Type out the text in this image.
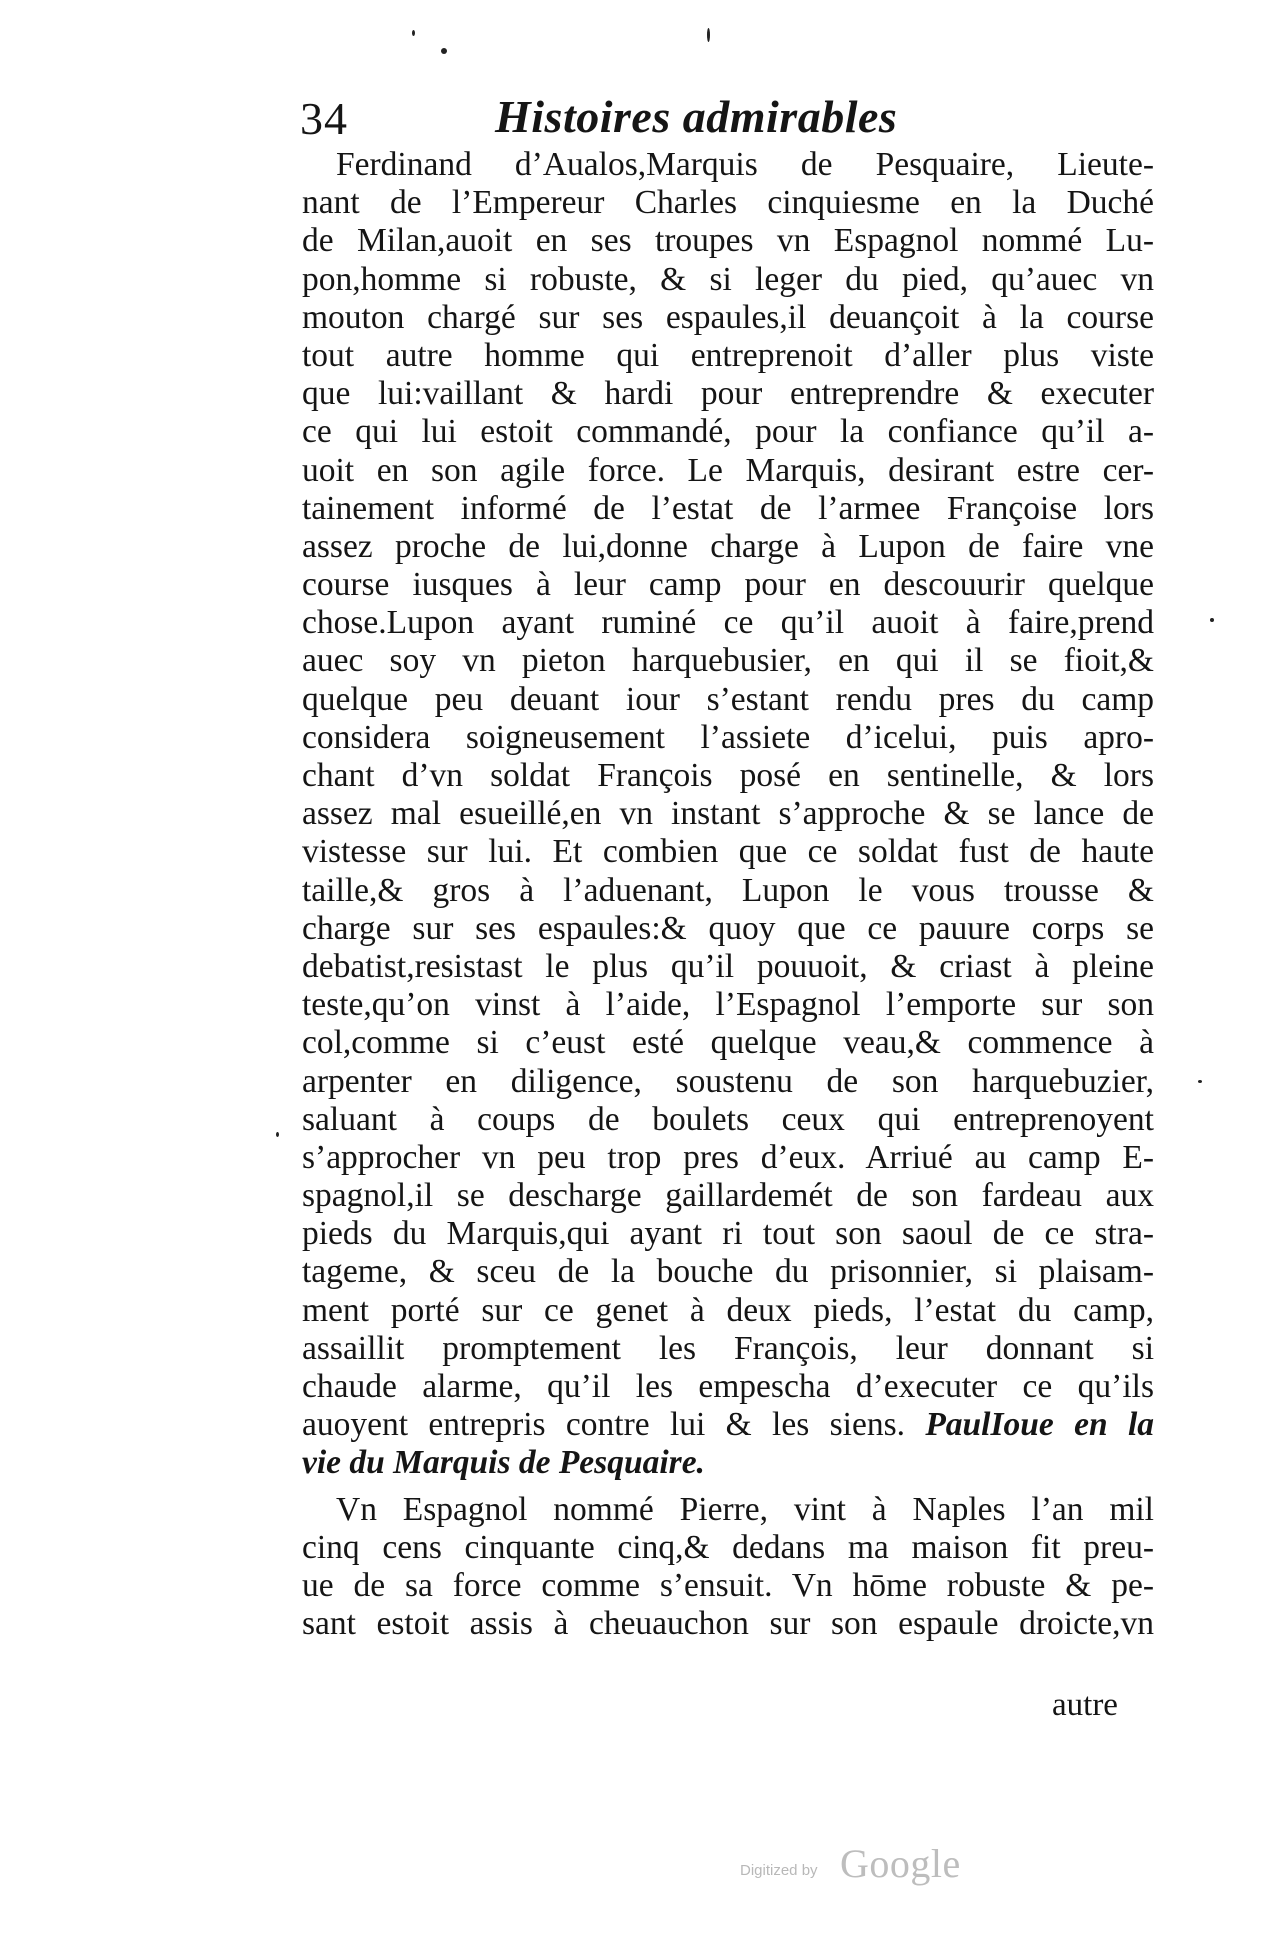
34	Histoires admirables
Ferdinand d’Aualos,Marquis de Pesquaire, Lieute-
nant de l’Empereur Charles cinquiesme en la Duché
de Milan,auoit en ses troupes vn Espagnol nommé Lu-
pon,homme si robuste, & si leger du pied, qu’auec vn
mouton chargé sur ses espaules,il deuançoit à la course
tout autre homme qui entreprenoit d’aller plus viste
que lui:vaillant & hardi pour entreprendre & executer
ce qui lui estoit commandé, pour la confiance qu’il a-
uoit en son agile force. Le Marquis, desirant estre cer-
tainement informé de l’estat de l’armee Françoise lors
assez proche de lui,donne charge à Lupon de faire vne
course iusques à leur camp pour en descouurir quelque
chose.Lupon ayant ruminé ce qu’il auoit à faire,prend
auec soy vn pieton harquebusier, en qui il se fioit,&
quelque peu deuant iour s’estant rendu pres du camp
considera soigneusement l’assiete d’icelui, puis apro-
chant d’vn soldat François posé en sentinelle, & lors
assez mal esueillé,en vn instant s’approche & se lance de
vistesse sur lui. Et combien que ce soldat fust de haute
taille,& gros à l’aduenant, Lupon le vous trousse &
charge sur ses espaules:& quoy que ce pauure corps se
debatist,resistast le plus qu’il pouuoit, & criast à pleine
teste,qu’on vinst à l’aide, l’Espagnol l’emporte sur son
col,comme si c’eust esté quelque veau,& commence à
arpenter en diligence, soustenu de son harquebuzier,
saluant à coups de boulets ceux qui entreprenoyent
s’approcher vn peu trop pres d’eux. Arriué au camp E-
spagnol,il se descharge gaillardemét de son fardeau aux
pieds du Marquis,qui ayant ri tout son saoul de ce stra-
tageme, & sceu de la bouche du prisonnier, si plaisam-
ment porté sur ce genet à deux pieds, l’estat du camp,
assaillit promptement les François, leur donnant si
chaude alarme, qu’il les empescha d’executer ce qu’ils
auoyent entrepris contre lui & les siens. PaulIoue en la
vie du Marquis de Pesquaire.
Vn Espagnol nommé Pierre, vint à Naples l’an mil
cinq cens cinquante cinq,& dedans ma maison fit preu-
ue de sa force comme s’ensuit. Vn hōme robuste & pe-
sant estoit assis à cheuauchon sur son espaule droicte,vn
autre
Digitized by Google
